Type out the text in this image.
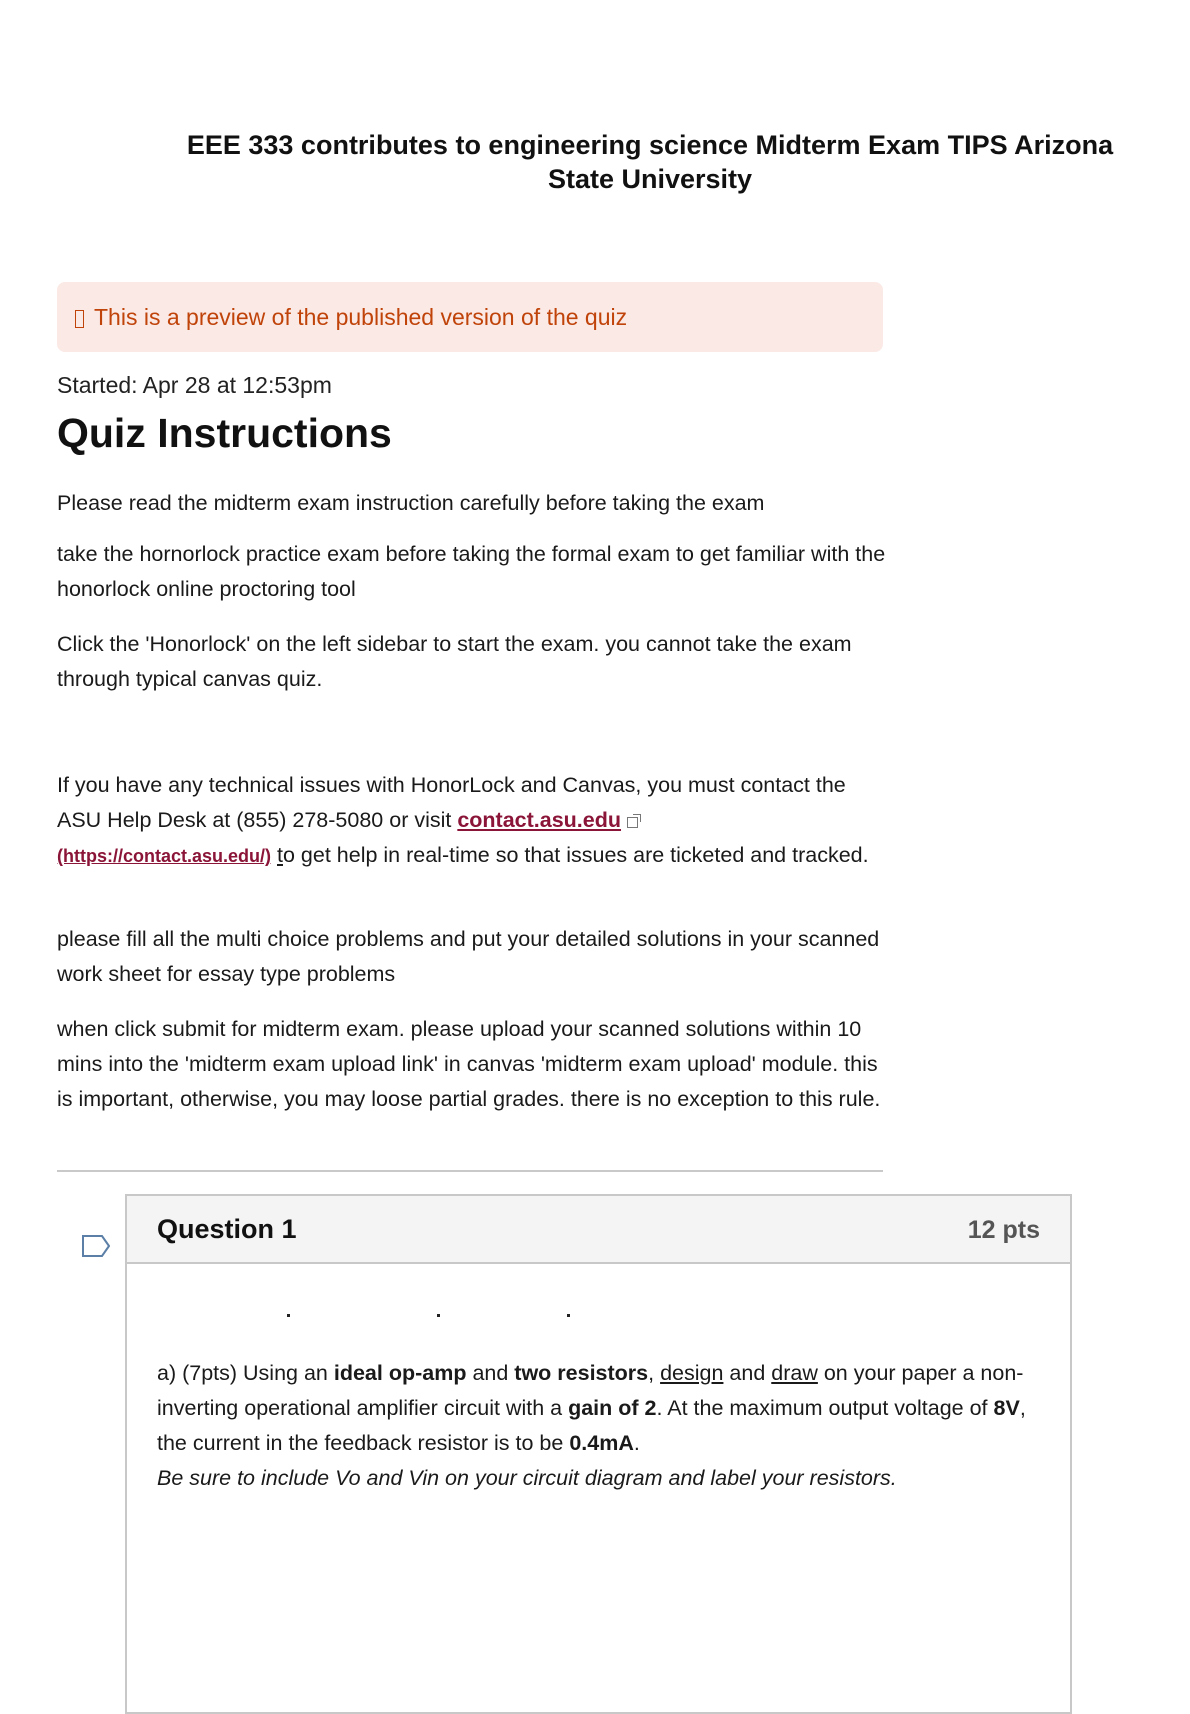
EEE 333 contributes to engineering science Midterm Exam TIPS Arizona
State University
This is a preview of the published version of the quiz
Started: Apr 28 at 12:53pm
Quiz Instructions

Please read the midterm exam instruction carefully before taking the exam

take the hornorlock practice exam before taking the formal exam to get familiar with the honorlock online proctoring tool

Click the 'Honorlock' on the left sidebar to start the exam. you cannot take the exam through typical canvas quiz.

If you have any technical issues with HonorLock and Canvas, you must contact the ASU Help Desk at (855) 278-5080 or visit contact.asu.edu
(https://contact.asu.edu/) to get help in real-time so that issues are ticketed and tracked.

please fill all the multi choice problems and put your detailed solutions in your scanned work sheet for essay type problems

when click submit for midterm exam. please upload your scanned solutions within 10 mins into the 'midterm exam upload link' in canvas 'midterm exam upload' module. this is important, otherwise, you may loose partial grades. there is no exception to this rule.

Question 1	12 pts

a) (7pts) Using an ideal op-amp and two resistors, design and draw on your paper a non-inverting operational amplifier circuit with a gain of 2. At the maximum output voltage of 8V, the current in the feedback resistor is to be 0.4mA.
Be sure to include Vo and Vin on your circuit diagram and label your resistors.
